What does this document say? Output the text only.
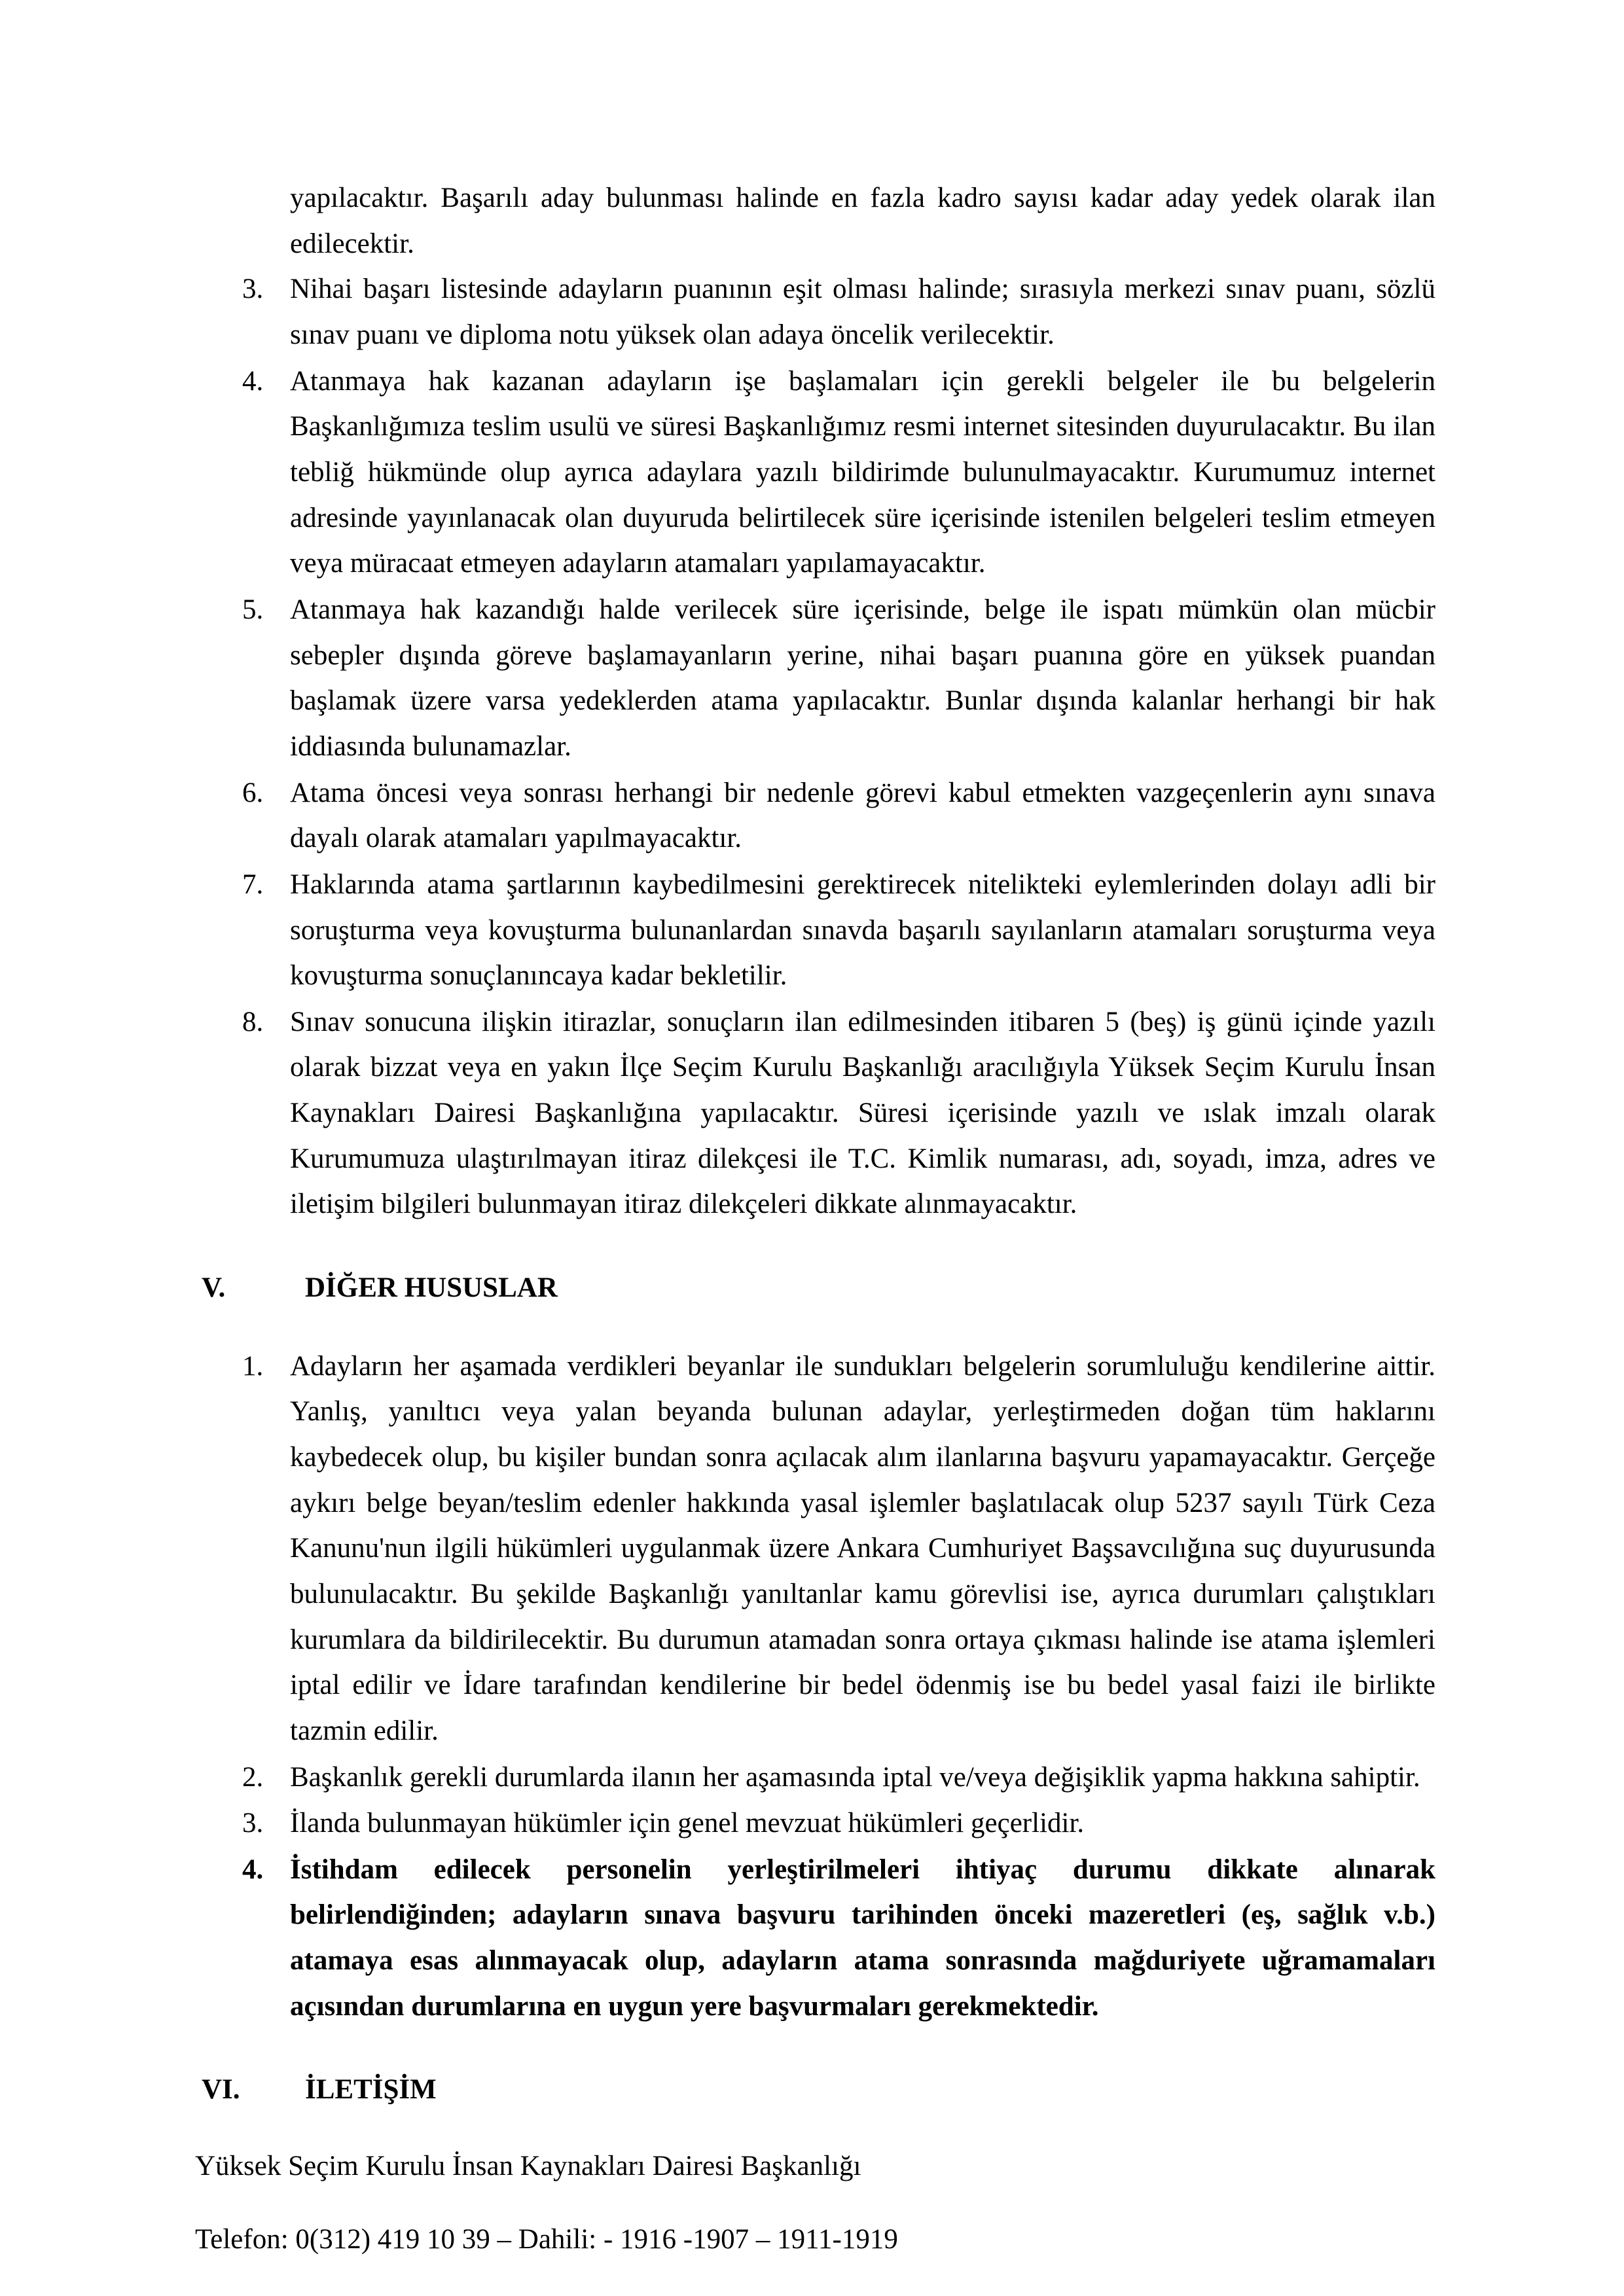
yapılacaktır. Başarılı aday bulunması halinde en fazla kadro sayısı kadar aday yedek olarak ilan edilecektir.

3. Nihai başarı listesinde adayların puanının eşit olması halinde; sırasıyla merkezi sınav puanı, sözlü sınav puanı ve diploma notu yüksek olan adaya öncelik verilecektir.
4. Atanmaya hak kazanan adayların işe başlamaları için gerekli belgeler ile bu belgelerin Başkanlığımıza teslim usulü ve süresi Başkanlığımız resmi internet sitesinden duyurulacaktır. Bu ilan tebliğ hükmünde olup ayrıca adaylara yazılı bildirimde bulunulmayacaktır. Kurumumuz internet adresinde yayınlanacak olan duyuruda belirtilecek süre içerisinde istenilen belgeleri teslim etmeyen veya müracaat etmeyen adayların atamaları yapılamayacaktır.
5. Atanmaya hak kazandığı halde verilecek süre içerisinde, belge ile ispatı mümkün olan mücbir sebepler dışında göreve başlamayanların yerine, nihai başarı puanına göre en yüksek puandan başlamak üzere varsa yedeklerden atama yapılacaktır. Bunlar dışında kalanlar herhangi bir hak iddiasında bulunamazlar.
6. Atama öncesi veya sonrası herhangi bir nedenle görevi kabul etmekten vazgeçenlerin aynı sınava dayalı olarak atamaları yapılmayacaktır.
7. Haklarında atama şartlarının kaybedilmesini gerektirecek nitelikteki eylemlerinden dolayı adli bir soruşturma veya kovuşturma bulunanlardan sınavda başarılı sayılanların atamaları soruşturma veya kovuşturma sonuçlanıncaya kadar bekletilir.
8. Sınav sonucuna ilişkin itirazlar, sonuçların ilan edilmesinden itibaren 5 (beş) iş günü içinde yazılı olarak bizzat veya en yakın İlçe Seçim Kurulu Başkanlığı aracılığıyla Yüksek Seçim Kurulu İnsan Kaynakları Dairesi Başkanlığına yapılacaktır. Süresi içerisinde yazılı ve ıslak imzalı olarak Kurumumuza ulaştırılmayan itiraz dilekçesi ile T.C. Kimlik numarası, adı, soyadı, imza, adres ve iletişim bilgileri bulunmayan itiraz dilekçeleri dikkate alınmayacaktır.
V.	DİĞER HUSUSLAR
1. Adayların her aşamada verdikleri beyanlar ile sundukları belgelerin sorumluluğu kendilerine aittir. Yanlış, yanıltıcı veya yalan beyanda bulunan adaylar, yerleştirmeden doğan tüm haklarını kaybedecek olup, bu kişiler bundan sonra açılacak alım ilanlarına başvuru yapamayacaktır. Gerçeğe aykırı belge beyan/teslim edenler hakkında yasal işlemler başlatılacak olup 5237 sayılı Türk Ceza Kanunu'nun ilgili hükümleri uygulanmak üzere Ankara Cumhuriyet Başsavcılığına suç duyurusunda bulunulacaktır. Bu şekilde Başkanlığı yanıltanlar kamu görevlisi ise, ayrıca durumları çalıştıkları kurumlara da bildirilecektir. Bu durumun atamadan sonra ortaya çıkması halinde ise atama işlemleri iptal edilir ve İdare tarafından kendilerine bir bedel ödenmiş ise bu bedel yasal faizi ile birlikte tazmin edilir.
2. Başkanlık gerekli durumlarda ilanın her aşamasında iptal ve/veya değişiklik yapma hakkına sahiptir.
3. İlanda bulunmayan hükümler için genel mevzuat hükümleri geçerlidir.
4. İstihdam edilecek personelin yerleştirilmeleri ihtiyaç durumu dikkate alınarak belirlendiğinden; adayların sınava başvuru tarihinden önceki mazeretleri (eş, sağlık v.b.) atamaya esas alınmayacak olup, adayların atama sonrasında mağduriyete uğramamaları açısından durumlarına en uygun yere başvurmaları gerekmektedir.
VI.	İLETİŞİM

Yüksek Seçim Kurulu İnsan Kaynakları Dairesi Başkanlığı

Telefon: 0(312) 419 10 39 – Dahili: - 1916 -1907 – 1911-1919
